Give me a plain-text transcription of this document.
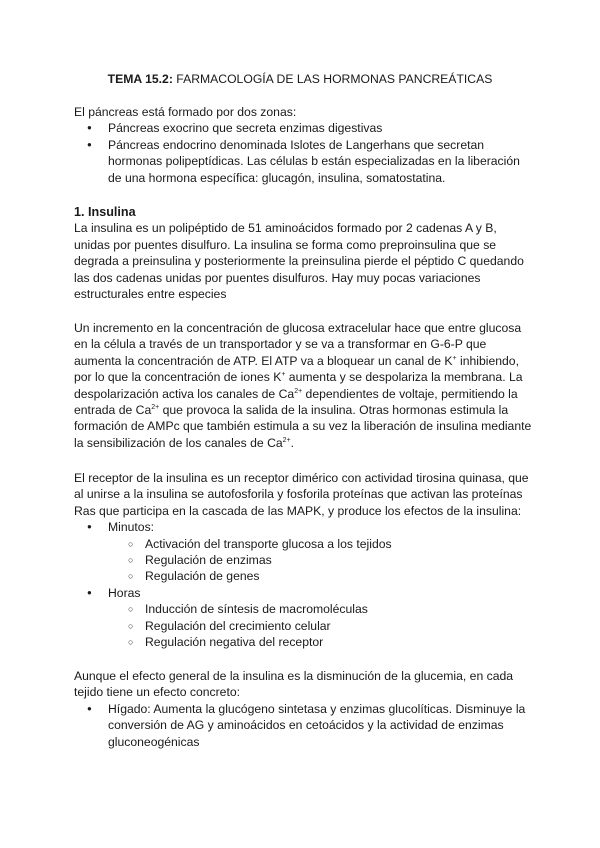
TEMA 15.2: FARMACOLOGÍA DE LAS HORMONAS PANCREÁTICAS

El páncreas está formado por dos zonas:

● Páncreas exocrino que secreta enzimas digestivas
● Páncreas endocrino denominada Islotes de Langerhans que secretan hormonas polipeptídicas. Las células b están especializadas en la liberación de una hormona específica: glucagón, insulina, somatostatina.

1. Insulina

La insulina es un polipéptido de 51 aminoácidos formado por 2 cadenas A y B, unidas por puentes disulfuro. La insulina se forma como preproinsulina que se degrada a preinsulina y posteriormente la preinsulina pierde el péptido C quedando las dos cadenas unidas por puentes disulfuros. Hay muy pocas variaciones estructurales entre especies

Un incremento en la concentración de glucosa extracelular hace que entre glucosa en la célula a través de un transportador y se va a transformar en G-6-P que aumenta la concentración de ATP. El ATP va a bloquear un canal de K+ inhibiendo, por lo que la concentración de iones K+ aumenta y se despolariza la membrana. La despolarización activa los canales de $Ca^{2+}$ dependientes de voltaje, permitiendo la entrada de $Ca^{2+}$ que provoca la salida de la insulina. Otras hormonas estimula la formación de AMPc que también estimula a su vez la liberación de insulina mediante la sensibilización de los canales de $Ca^{2+}$.

El receptor de la insulina es un receptor dimérico con actividad tirosina quinasa, que al unirse a la insulina se autofosforila y fosforila proteínas que activan las proteínas Ras que participa en la cascada de las MAPK, y produce los efectos de la insulina:

● Minutos:
○ Activación del transporte glucosa a los tejidos
○ Regulación de enzimas
○ Regulación de genes
● Horas
○ Inducción de síntesis de macromoléculas
○ Regulación del crecimiento celular
○ Regulación negativa del receptor

Aunque el efecto general de la insulina es la disminución de la glucemia, en cada tejido tiene un efecto concreto:

● Hígado: Aumenta la glucógeno sintetasa y enzimas glucolíticas. Disminuye la conversión de AG y aminoácidos en cetoácidos y la actividad de enzimas gluconeogénicas
